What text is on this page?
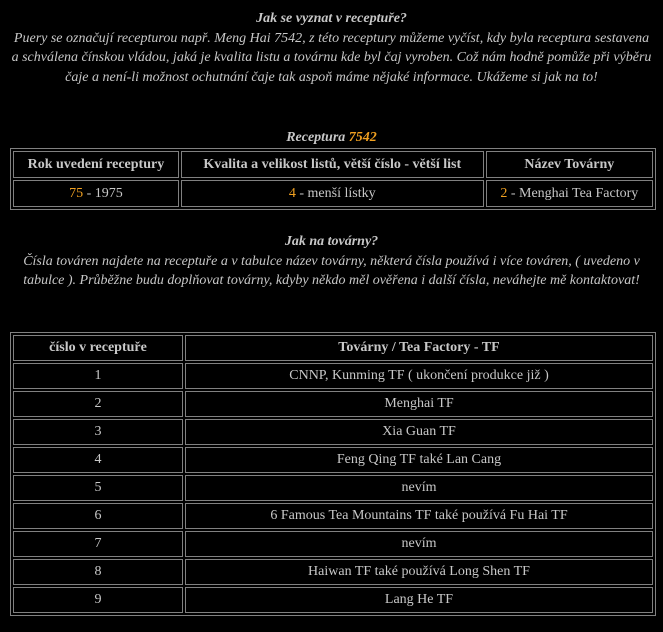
Jak se vyznat v receptuře?

Puery se označují recepturou např. Meng Hai 7542, z této receptury můžeme vyčíst, kdy byla receptura sestavena a schválena čínskou vládou, jaká je kvalita listu a továrnu kde byl čaj vyroben. Což nám hodně pomůže při výběru čaje a není-li možnost ochutnání čaje tak aspoň máme nějaké informace. Ukážeme si jak na to!

Receptura 7542
Rok uvedení receptury	Kvalita a velikost listů, větší číslo - větší list	Název Továrny
75 - 1975	4 - menší lístky	2 - Menghai Tea Factory
Jak na továrny?

Čísla továren najdete na receptuře a v tabulce název továrny, některá čísla používá i více továren, ( uvedeno v tabulce ). Průběžne budu doplňovat továrny, kdyby někdo měl ověřena i další čísla, neváhejte mě kontaktovat!

číslo v receptuře	Továrny / Tea Factory - TF
1	CNNP, Kunming TF ( ukončení produkce již )
2	Menghai TF
3	Xia Guan TF
4	Feng Qing TF také Lan Cang
5	nevím
6	6 Famous Tea Mountains TF také používá Fu Hai TF
7	nevím
8	Haiwan TF také používá Long Shen TF
9	Lang He TF
